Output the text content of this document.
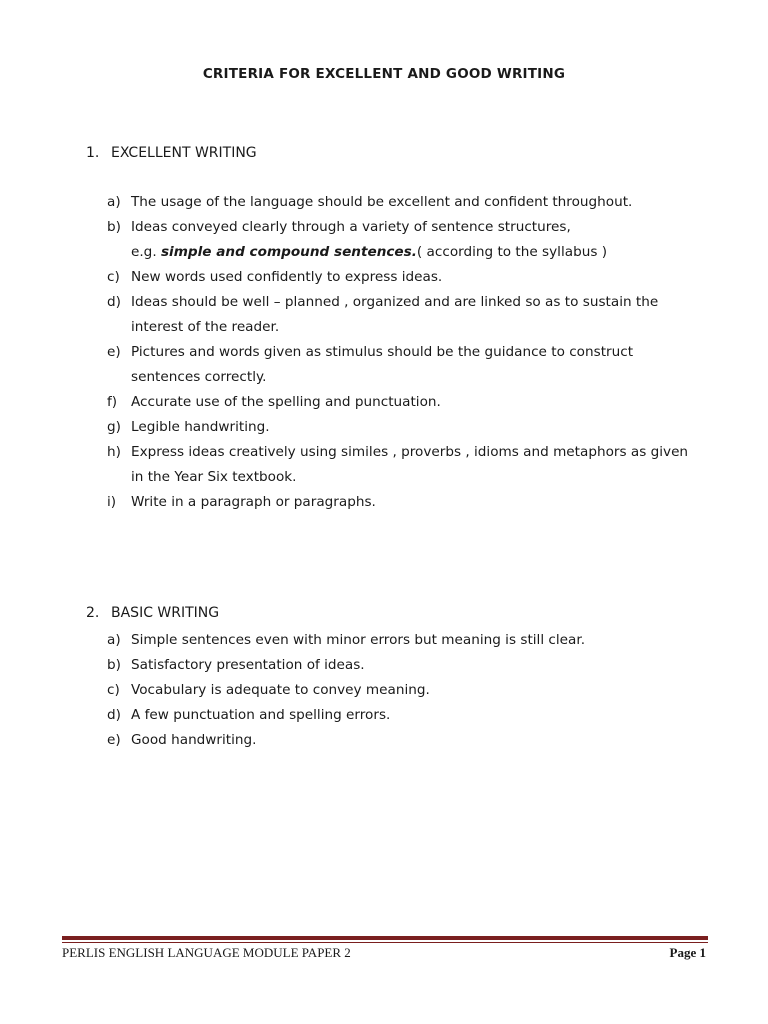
CRITERIA FOR EXCELLENT AND GOOD WRITING
1. EXCELLENT WRITING
a) The usage of the language should be excellent and confident throughout.
b) Ideas conveyed clearly through a variety of sentence structures,
e.g. simple and compound sentences.( according to the syllabus )
c) New words used confidently to express ideas.
d) Ideas should be well – planned , organized and are linked so as to sustain the
interest of the reader.
e) Pictures and words given as stimulus should be the guidance to construct
sentences correctly.
f)	Accurate use of the spelling and punctuation.
g) Legible handwriting.
h) Express ideas creatively using similes , proverbs , idioms and metaphors as given
in the Year Six textbook.
i)	Write in a paragraph or paragraphs.
2. BASIC WRITING
a) Simple sentences even with minor errors but meaning is still clear.
b) Satisfactory presentation of ideas.
c) Vocabulary is adequate to convey meaning.
d) A few punctuation and spelling errors.
e) Good handwriting.
PERLIS ENGLISH LANGUAGE MODULE PAPER 2	Page 1
